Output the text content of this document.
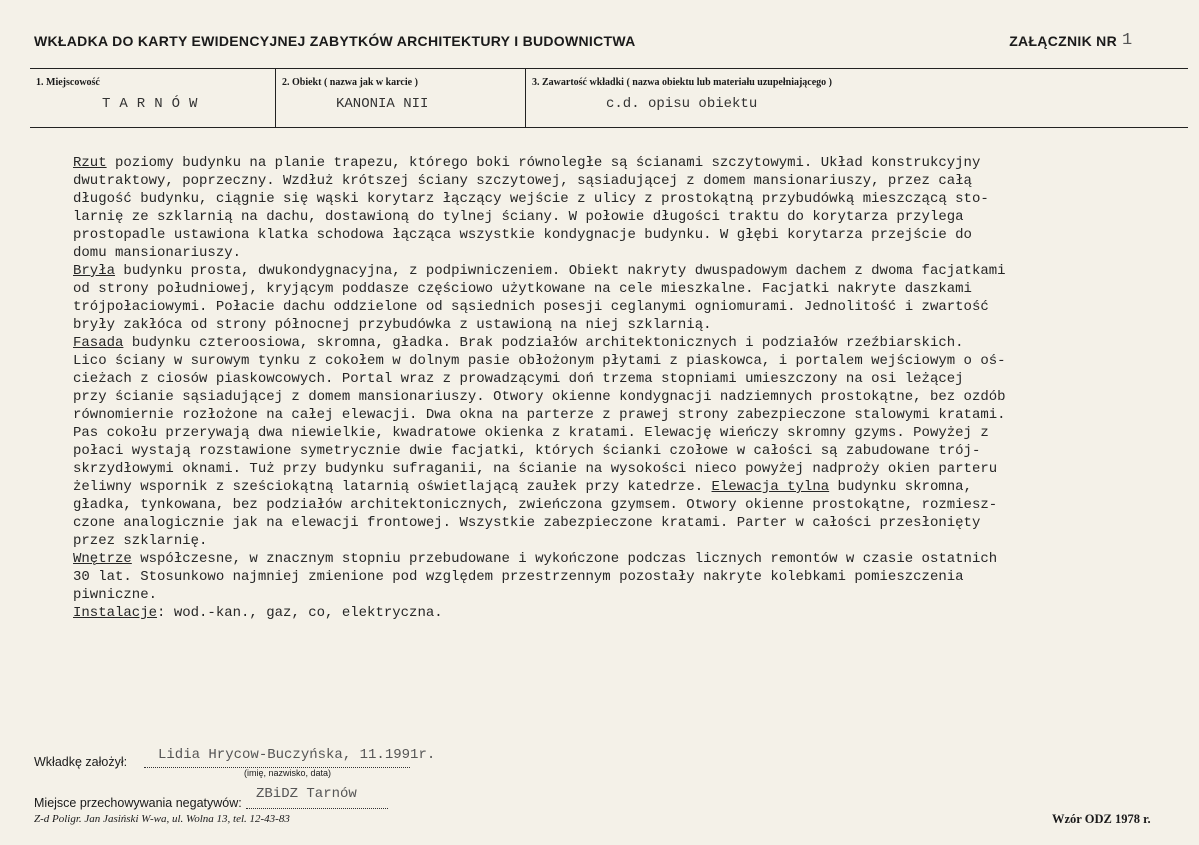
WKŁADKA DO KARTY EWIDENCYJNEJ ZABYTKÓW ARCHITEKTURY I BUDOWNICTWA	ZAŁĄCZNIK NR 1
1. Miejscowość
TARNÓW
2. Obiekt ( nazwa jak w karcie )
KANONIA NII
3. Zawartość wkładki ( nazwa obiektu lub materiału uzupełniającego )
c.d. opisu obiektu

Rzut poziomy budynku na planie trapezu, którego boki równoległe są ścianami szczytowymi. Układ konstrukcyjny

dwutraktowy, poprzeczny. Wzdłuż krótszej ściany szczytowej, sąsiadującej z domem mansionariuszy, przez całą

długość budynku, ciągnie się wąski korytarz łączący wejście z ulicy z prostokątną przybudówką mieszczącą sto-

larnię ze szklarnią na dachu, dostawioną do tylnej ściany. W połowie długości traktu do korytarza przylega

prostopadle ustawiona klatka schodowa łącząca wszystkie kondygnacje budynku. W głębi korytarza przejście do

domu mansionariuszy.

Bryła budynku prosta, dwukondygnacyjna, z podpiwniczeniem. Obiekt nakryty dwuspadowym dachem z dwoma facjatkami

od strony południowej, kryjącym poddasze częściowo użytkowane na cele mieszkalne. Facjatki nakryte daszkami

trójpołaciowymi. Połacie dachu oddzielone od sąsiednich posesji ceglanymi ogniomurami. Jednolitość i zwartość

bryły zakłóca od strony północnej przybudówka z ustawioną na niej szklarnią.

Fasada budynku czteroosiowa, skromna, gładka. Brak podziałów architektonicznych i podziałów rzeźbiarskich.

Lico ściany w surowym tynku z cokołem w dolnym pasie obłożonym płytami z piaskowca, i portalem wejściowym o oś-

cieżach z ciosów piaskowcowych. Portal wraz z prowadzącymi doń trzema stopniami umieszczony na osi leżącej

przy ścianie sąsiadującej z domem mansionariuszy. Otwory okienne kondygnacji nadziemnych prostokątne, bez ozdób

równomiernie rozłożone na całej elewacji. Dwa okna na parterze z prawej strony zabezpieczone stalowymi kratami.

Pas cokołu przerywają dwa niewielkie, kwadratowe okienka z kratami. Elewację wieńczy skromny gzyms. Powyżej z

połaci wystają rozstawione symetrycznie dwie facjatki, których ścianki czołowe w całości są zabudowane trój-

skrzydłowymi oknami. Tuż przy budynku sufraganii, na ścianie na wysokości nieco powyżej nadproży okien parteru

żeliwny wspornik z sześciokątną latarnią oświetlającą zaułek przy katedrze. Elewacja tylna budynku skromna,

gładka, tynkowana, bez podziałów architektonicznych, zwieńczona gzymsem. Otwory okienne prostokątne, rozmiesz-

czone analogicznie jak na elewacji frontowej. Wszystkie zabezpieczone kratami. Parter w całości przesłonięty

przez szklarnię.

Wnętrze współczesne, w znacznym stopniu przebudowane i wykończone podczas licznych remontów w czasie ostatnich

30 lat. Stosunkowo najmniej zmienione pod względem przestrzennym pozostały nakryte kolebkami pomieszczenia

piwniczne.

Instalacje: wod.-kan., gaz, co, elektryczna.

Wkładkę założył: Lidia Hrycow-Buczyńska, 11.1991r.
(imię, nazwisko, data)
Miejsce przechowywania negatywów:
ZBiDZ Tarnów
Z-d Poligr. Jan Jasiński W-wa, ul. Wolna 13, tel. 12-43-83	Wzór ODZ 1978 r.
